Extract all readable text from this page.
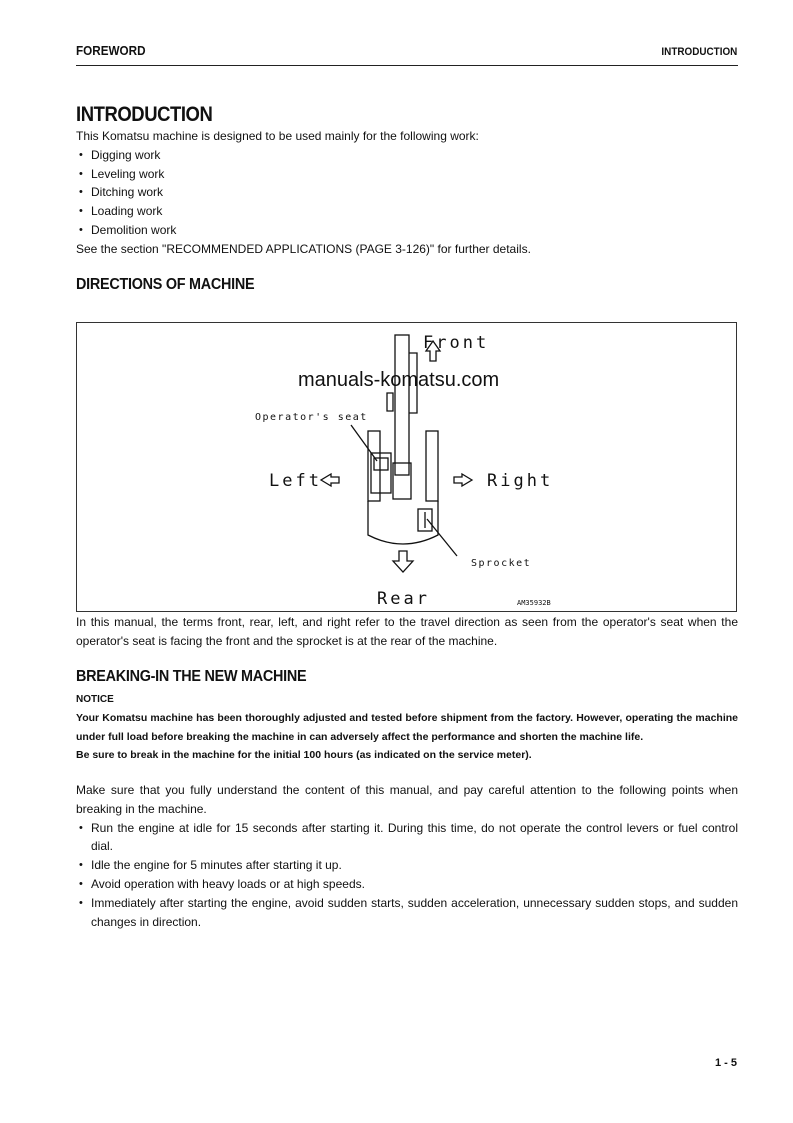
FOREWORD	INTRODUCTION
INTRODUCTION
This Komatsu machine is designed to be used mainly for the following work:
• Digging work
• Leveling work
• Ditching work
• Loading work
• Demolition work
See the section "RECOMMENDED APPLICATIONS (PAGE 3-126)" for further details.
DIRECTIONS OF MACHINE
Front
Rear
Left	Right
Operator's seat
Sprocket
AM35932B
manuals-komatsu.com
In this manual, the terms front, rear, left, and right refer to the travel direction as seen from the operator's seat when the operator's seat is facing the front and the sprocket is at the rear of the machine.
BREAKING-IN THE NEW MACHINE
NOTICE
Your Komatsu machine has been thoroughly adjusted and tested before shipment from the factory. However, operating the machine under full load before breaking the machine in can adversely affect the performance and shorten the machine life.
Be sure to break in the machine for the initial 100 hours (as indicated on the service meter).
Make sure that you fully understand the content of this manual, and pay careful attention to the following points when breaking in the machine.
• Run the engine at idle for 15 seconds after starting it. During this time, do not operate the control levers or fuel control dial.
• Idle the engine for 5 minutes after starting it up.
• Avoid operation with heavy loads or at high speeds.
• Immediately after starting the engine, avoid sudden starts, sudden acceleration, unnecessary sudden stops, and sudden changes in direction.
1 - 5
